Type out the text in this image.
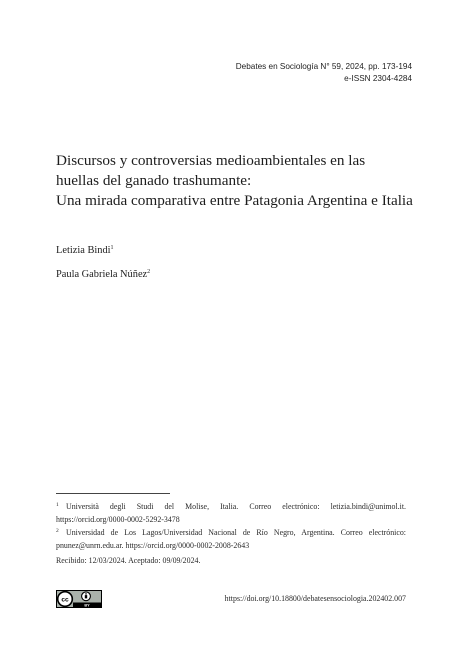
Debates en Sociología N° 59, 2024, pp. 173-194
e-ISSN 2304-4284
Discursos y controversias medioambientales en las
huellas del ganado trashumante:
Una mirada comparativa entre Patagonia Argentina e Italia
Letizia Bindi$^1$
Paula Gabriela Núñez$^2$

1 Università degli Studi del Molise, Italia. Correo electrónico: letizia.bindi@unimol.it. https://orcid.org/0000-0002-5292-3478

2 Universidad de Los Lagos/Universidad Nacional de Río Negro, Argentina. Correo electrónico: pnunez@unrn.edu.ar. https://orcid.org/0000-0002-2008-2643

Recibido: 12/03/2024. Aceptado: 09/09/2024.
cc
BY
https://doi.org/10.18800/debatesensociologia.202402.007
